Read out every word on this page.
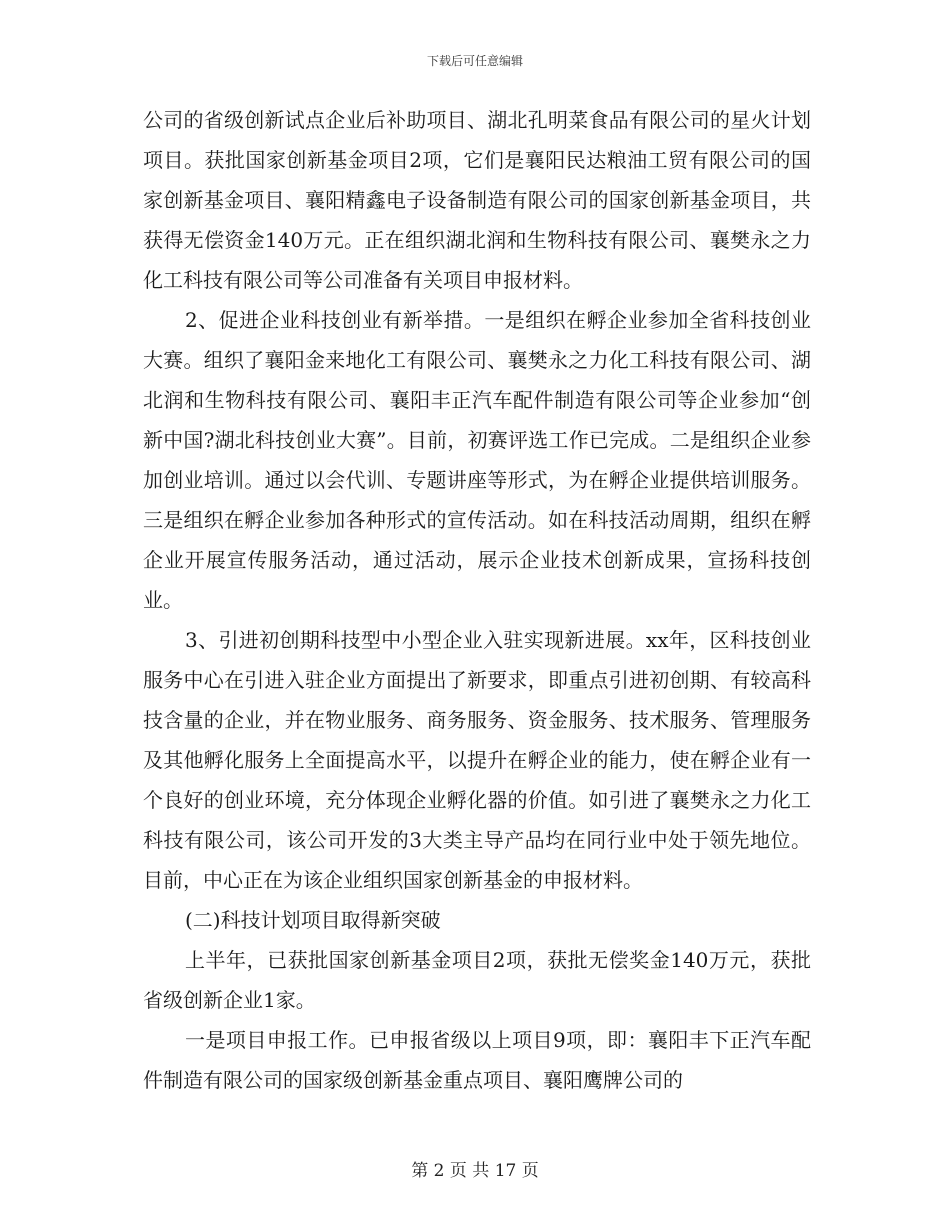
下载后可任意编辑

公司的省级创新试点企业后补助项目、湖北孔明菜食品有限公司的星火计划项目。获批国家创新基金项目2项，它们是襄阳民达粮油工贸有限公司的国家创新基金项目、襄阳精鑫电子设备制造有限公司的国家创新基金项目，共获得无偿资金140万元。正在组织湖北润和生物科技有限公司、襄樊永之力化工科技有限公司等公司准备有关项目申报材料。

2、促进企业科技创业有新举措。一是组织在孵企业参加全省科技创业大赛。组织了襄阳金来地化工有限公司、襄樊永之力化工科技有限公司、湖北润和生物科技有限公司、襄阳丰正汽车配件制造有限公司等企业参加“创新中国?湖北科技创业大赛”。目前，初赛评选工作已完成。二是组织企业参加创业培训。通过以会代训、专题讲座等形式，为在孵企业提供培训服务。三是组织在孵企业参加各种形式的宣传活动。如在科技活动周期，组织在孵企业开展宣传服务活动，通过活动，展示企业技术创新成果，宣扬科技创业。

3、引进初创期科技型中小型企业入驻实现新进展。xx年，区科技创业服务中心在引进入驻企业方面提出了新要求，即重点引进初创期、有较高科技含量的企业，并在物业服务、商务服务、资金服务、技术服务、管理服务及其他孵化服务上全面提高水平，以提升在孵企业的能力，使在孵企业有一个良好的创业环境，充分体现企业孵化器的价值。如引进了襄樊永之力化工科技有限公司，该公司开发的3大类主导产品均在同行业中处于领先地位。目前，中心正在为该企业组织国家创新基金的申报材料。

(二)科技计划项目取得新突破

上半年，已获批国家创新基金项目2项，获批无偿奖金140万元，获批省级创新企业1家。

一是项目申报工作。已申报省级以上项目9项，即：襄阳丰下正汽车配件制造有限公司的国家级创新基金重点项目、襄阳鹰牌公司的

第 2 页 共 17 页
